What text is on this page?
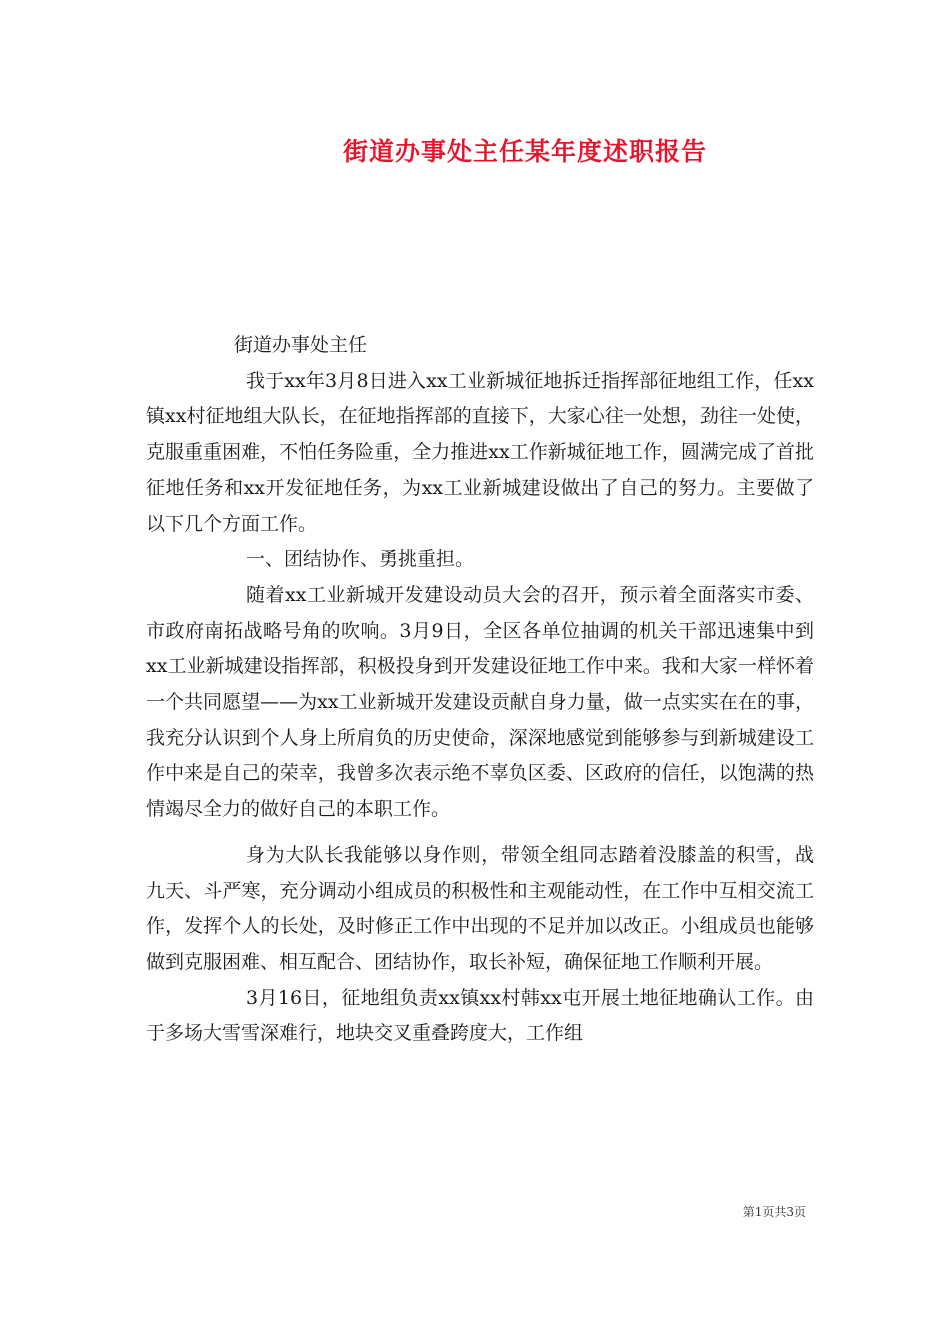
街道办事处主任某年度述职报告

街道办事处主任

我于xx年3月8日进入xx工业新城征地拆迁指挥部征地组工作，任xx镇xx村征地组大队长，在征地指挥部的直接下，大家心往一处想，劲往一处使，克服重重困难，不怕任务险重，全力推进xx工作新城征地工作，圆满完成了首批征地任务和xx开发征地任务，为xx工业新城建设做出了自己的努力。主要做了以下几个方面工作。

一、团结协作、勇挑重担。

随着xx工业新城开发建设动员大会的召开，预示着全面落实市委、市政府南拓战略号角的吹响。3月9日，全区各单位抽调的机关干部迅速集中到xx工业新城建设指挥部，积极投身到开发建设征地工作中来。我和大家一样怀着一个共同愿望——为xx工业新城开发建设贡献自身力量，做一点实实在在的事，我充分认识到个人身上所肩负的历史使命，深深地感觉到能够参与到新城建设工作中来是自己的荣幸，我曾多次表示绝不辜负区委、区政府的信任，以饱满的热情竭尽全力的做好自己的本职工作。

身为大队长我能够以身作则，带领全组同志踏着没膝盖的积雪，战九天、斗严寒，充分调动小组成员的积极性和主观能动性，在工作中互相交流工作，发挥个人的长处，及时修正工作中出现的不足并加以改正。小组成员也能够做到克服困难、相互配合、团结协作，取长补短，确保征地工作顺利开展。

3月16日，征地组负责xx镇xx村韩xx屯开展土地征地确认工作。由于多场大雪雪深难行，地块交叉重叠跨度大，工作组

第1页共3页
